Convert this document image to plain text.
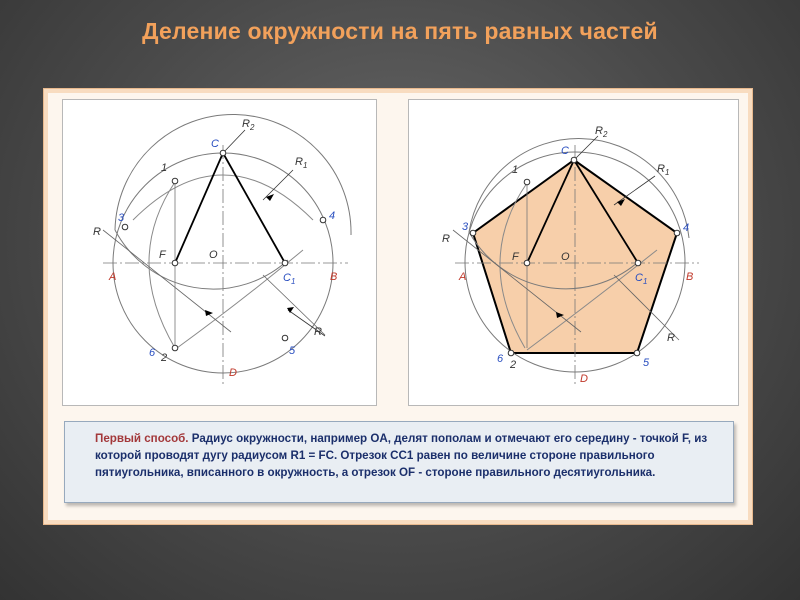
Деление окружности на пять равных частей
C
$R_2$
1	$R_1$
3	4
R
F	O
A	B
$C_1$
R
6 2
5
D
C
$R_2$
1	$R_1$
3	4
R
F	O
A	B
$C_1$
R
6 2	5
D
Первый способ. Радиус окружности, например OA, делят пополам и отмечают его середину - точкой F, из которой проводят дугу радиусом R1 = FC. Отрезок CC1 равен по величине стороне правильного пятиугольника, вписанного в окружность, а отрезок OF - стороне правильного десятиугольника.
